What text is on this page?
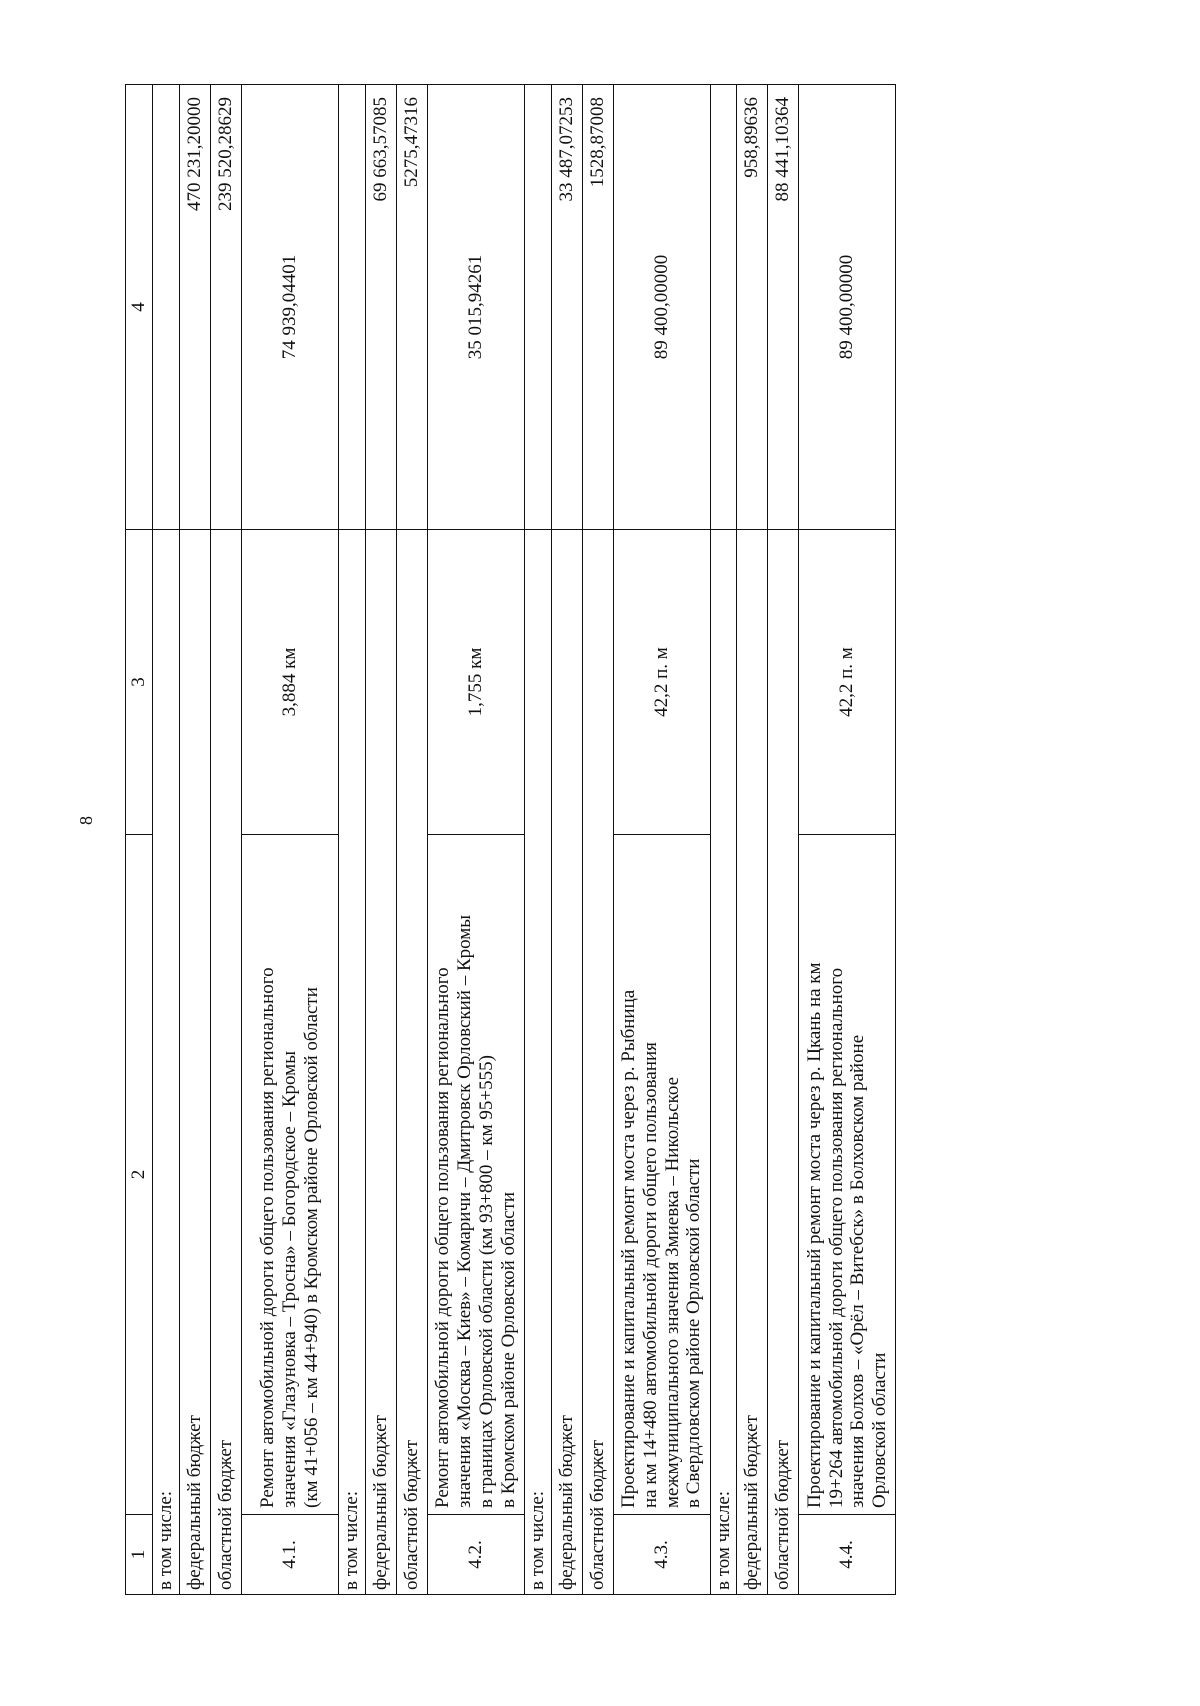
8
1	2	3	4
в том числе:			
федеральный бюджет			470 231,20000
областной бюджет			239 520,28629
4.1.	Ремонт автомобильной дороги общего пользования регионального значения «Глазуновка – Тросна» – Богородское – Кромы (км 41+056 – км 44+940) в Кромском районе Орловской области	3,884 км	74 939,04401
в том числе:			
федеральный бюджет			69 663,57085
областной бюджет			5275,47316
4.2.	Ремонт автомобильной дороги общего пользования регионального значения «Москва – Киев» – Комаричи – Дмитровск Орловский – Кромы в границах Орловской области (км 93+800 – км 95+555) в Кромском районе Орловской области	1,755 км	35 015,94261
в том числе:			
федеральный бюджет			33 487,07253
областной бюджет			1528,87008
4.3.	Проектирование и капитальный ремонт моста через р. Рыбница на км 14+480 автомобильной дороги общего пользования межмуниципального значения Змиевка – Никольское в Свердловском районе Орловской области	42,2 п. м	89 400,00000
в том числе:			
федеральный бюджет			958,89636
областной бюджет			88 441,10364
4.4.	Проектирование и капитальный ремонт моста через р. Цкань на км 19+264 автомобильной дороги общего пользования регионального значения Болхов – «Орёл – Витебск» в Болховском районе Орловской области	42,2 п. м	89 400,00000
